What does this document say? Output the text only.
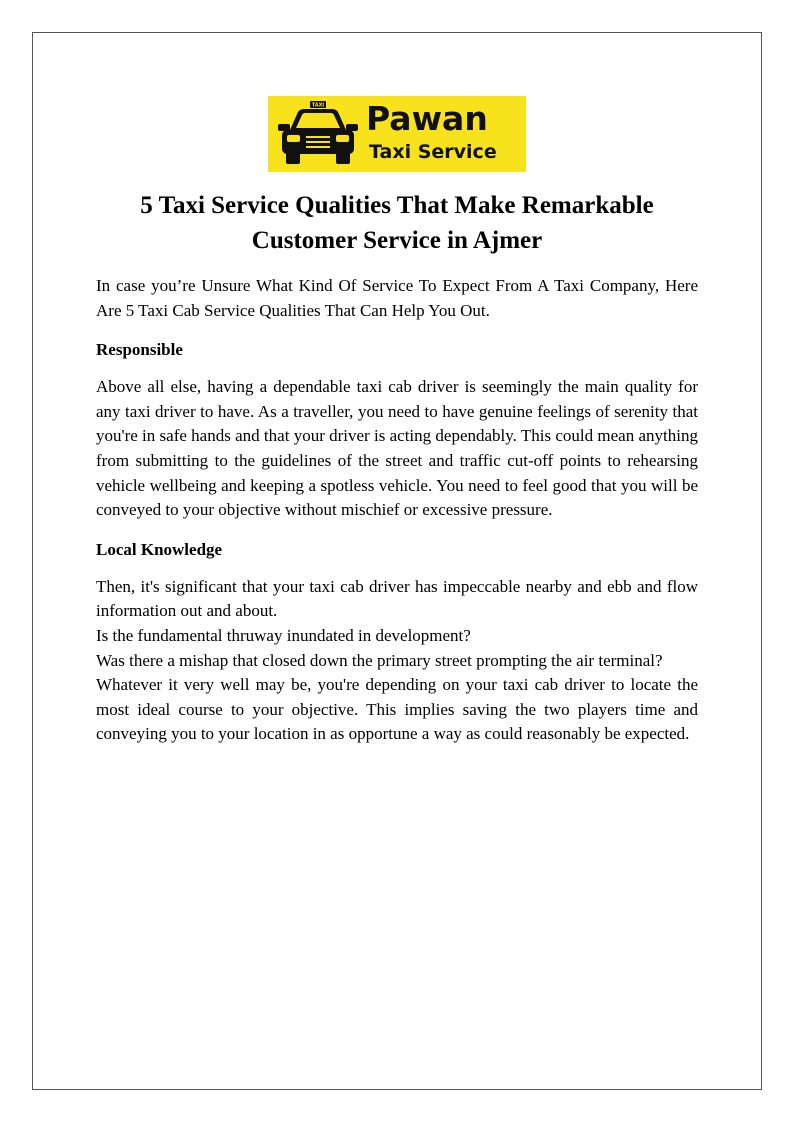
TAXI Pawan
Taxi Service
5 Taxi Service Qualities That Make Remarkable Customer Service in Ajmer

In case you’re Unsure What Kind Of Service To Expect From A Taxi Company, Here Are 5 Taxi Cab Service Qualities That Can Help You Out.

Responsible

Above all else, having a dependable taxi cab driver is seemingly the main quality for any taxi driver to have. As a traveller, you need to have genuine feelings of serenity that you're in safe hands and that your driver is acting dependably. This could mean anything from submitting to the guidelines of the street and traffic cut-off points to rehearsing vehicle wellbeing and keeping a spotless vehicle. You need to feel good that you will be conveyed to your objective without mischief or excessive pressure.

Local Knowledge

Then, it's significant that your taxi cab driver has impeccable nearby and ebb and flow information out and about.

Is the fundamental thruway inundated in development?

Was there a mishap that closed down the primary street prompting the air terminal?

Whatever it very well may be, you're depending on your taxi cab driver to locate the most ideal course to your objective. This implies saving the two players time and conveying you to your location in as opportune a way as could reasonably be expected.
